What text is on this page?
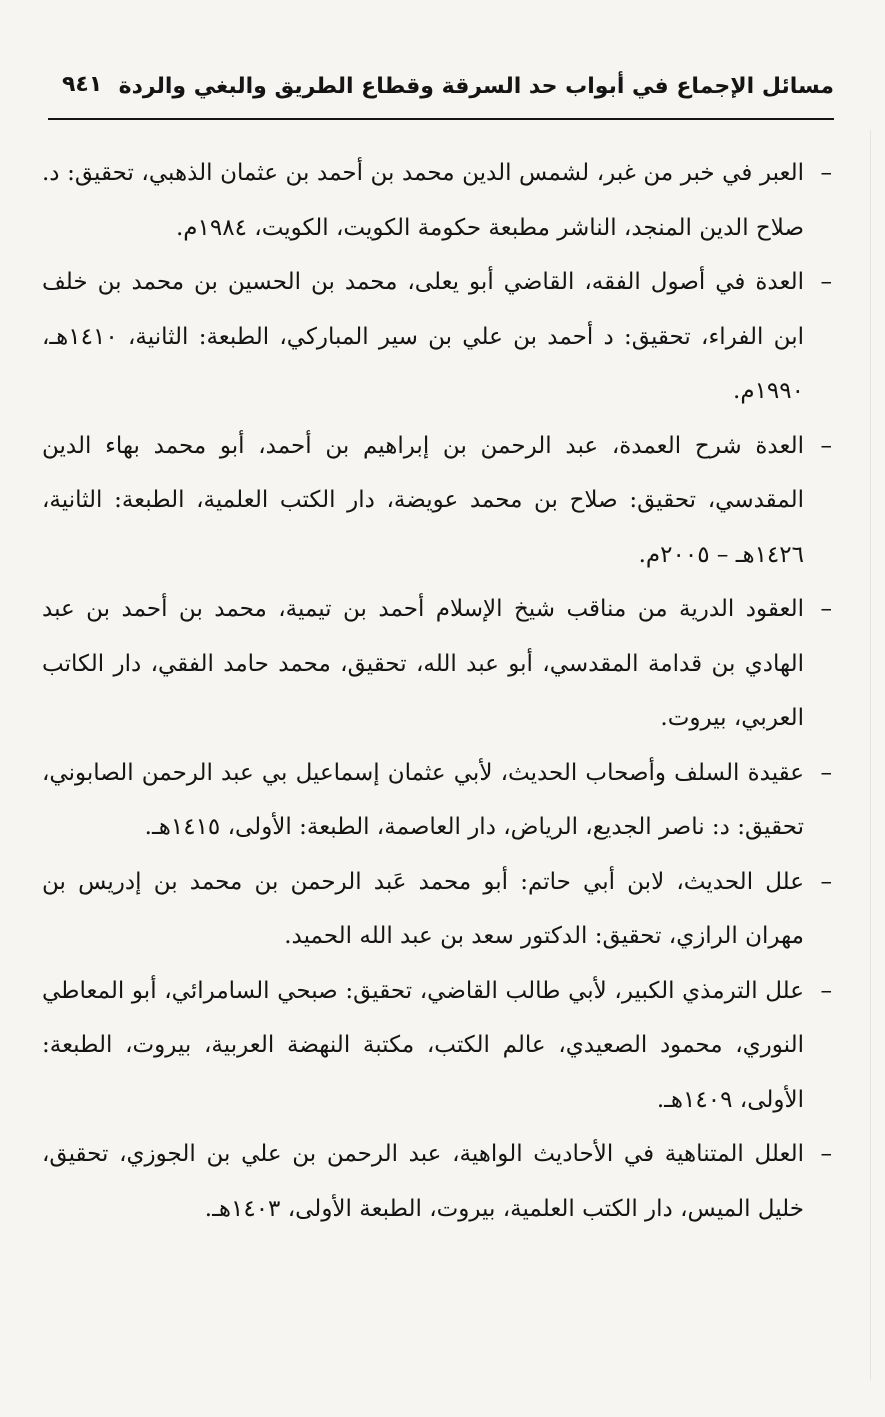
مسائل الإجماع في أبواب حد السرقة وقطاع الطريق والبغي والردة
٩٤١
–
العبر في خبر من غبر، لشمس الدين محمد بن أحمد بن عثمان الذهبي، تحقيق: د. صلاح الدين المنجد، الناشر مطبعة حكومة الكويت، الكويت، ١٩٨٤م.
–
العدة في أصول الفقه، القاضي أبو يعلى، محمد بن الحسين بن محمد بن خلف ابن الفراء، تحقيق: د أحمد بن علي بن سير المباركي، الطبعة: الثانية، ١٤١٠هـ، ١٩٩٠م.
–
العدة شرح العمدة، عبد الرحمن بن إبراهيم بن أحمد، أبو محمد بهاء الدين المقدسي، تحقيق: صلاح بن محمد عويضة، دار الكتب العلمية، الطبعة: الثانية، ١٤٢٦هـ – ٢٠٠٥م.
–
العقود الدرية من مناقب شيخ الإسلام أحمد بن تيمية، محمد بن أحمد بن عبد الهادي بن قدامة المقدسي، أبو عبد الله، تحقيق، محمد حامد الفقي، دار الكاتب العربي، بيروت.
–
عقيدة السلف وأصحاب الحديث، لأبي عثمان إسماعيل بي عبد الرحمن الصابوني، تحقيق: د: ناصر الجديع، الرياض، دار العاصمة، الطبعة: الأولى، ١٤١٥هـ.
–
علل الحديث، لابن أبي حاتم: أبو محمد عَبد الرحمن بن محمد بن إدريس بن مهران الرازي، تحقيق: الدكتور سعد بن عبد الله الحميد.
–
علل الترمذي الكبير، لأبي طالب القاضي، تحقيق: صبحي السامرائي، أبو المعاطي النوري، محمود الصعيدي، عالم الكتب، مكتبة النهضة العربية، بيروت، الطبعة: الأولى، ١٤٠٩هـ.
–
العلل المتناهية في الأحاديث الواهية، عبد الرحمن بن علي بن الجوزي، تحقيق، خليل الميس، دار الكتب العلمية، بيروت، الطبعة الأولى، ١٤٠٣هـ.
